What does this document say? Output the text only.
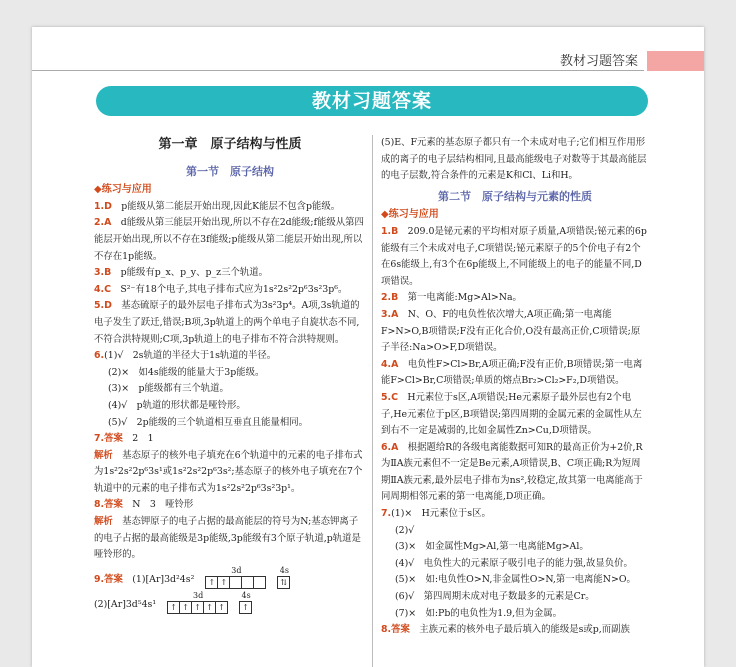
教材习题答案
教材习题答案
第一章　原子结构与性质
第一节　原子结构
◆练习与应用
1.D　 p能级从第二能层开始出现,因此K能层不包含p能级。
2.A　 d能级从第三能层开始出现,所以不存在2d能级;f能级从第四能层开始出现,所以不存在3f能级;p能级从第二能层开始出现,所以不存在1p能级。
3.B　 p能级有p_x、p_y、p_z三个轨道。
4.C　 S²⁻有18个电子,其电子排布式应为1s²2s²2p⁶3s²3p⁶。
5.D　 基态硫原子的最外层电子排布式为3s²3p⁴。A项,3s轨道的电子发生了跃迁,错误;B项,3p轨道上的两个单电子自旋状态不同,不符合洪特规则;C项,3p轨道上的电子排布不符合洪特规则。
6.(1)√　2s轨道的半径大于1s轨道的半径。
(2)×　如4s能级的能量大于3p能级。
(3)×　p能级都有三个轨道。
(4)√　p轨道的形状都是哑铃形。
(5)√　2p能级的三个轨道相互垂直且能量相同。
7.答案　 2　1
解析　 基态原子的核外电子填充在6个轨道中的元素的电子排布式为1s²2s²2p⁶3s¹或1s²2s²2p⁶3s²;基态原子的核外电子填充在7个轨道中的元素的电子排布式为1s²2s²2p⁶3s²3p¹。
8.答案　 N　3　哑铃形
解析　 基态钾原子的电子占据的最高能层的符号为N;基态钾离子的电子占据的最高能级是3p能级,3p能级有3个原子轨道,p轨道是哑铃形的。
9.答案　 (1)[Ar]3d²4s²
3d
↑ ↑
4s
⇅
(2)[Ar]3d⁵4s¹
3d
↑ ↑ ↑ ↑ ↑
4s
↑
(5)E、F元素的基态原子都只有一个未成对电子;它们相互作用形成的离子的电子层结构相同,且最高能级电子对数等于其最高能层的电子层数,符合条件的元素是K和Cl、Li和H。
第二节　原子结构与元素的性质
◆练习与应用
1.B　 209.0是铋元素的平均相对原子质量,A项错误;铋元素的6p能级有三个未成对电子,C项错误;铋元素原子的5个价电子有2个在6s能级上,有3个在6p能级上,不同能级上的电子的能量不同,D项错误。
2.B　 第一电离能:Mg>Al>Na。
3.A　 N、O、F的电负性依次增大,A项正确;第一电离能F>N>O,B项错误;F没有正化合价,O没有最高正价,C项错误;原子半径:Na>O>F,D项错误。
4.A　 电负性F>Cl>Br,A项正确;F没有正价,B项错误;第一电离能F>Cl>Br,C项错误;单质的熔点Br₂>Cl₂>F₂,D项错误。
5.C　 H元素位于s区,A项错误;He元素原子最外层也有2个电子,He元素位于p区,B项错误;第四周期的金属元素的金属性从左到右不一定是减弱的,比如金属性Zn>Cu,D项错误。
6.A　 根据题给R的各级电离能数据可知R的最高正价为+2价,R为ⅡA族元素但不一定是Be元素,A项错误,B、C项正确;R为短周期ⅡA族元素,最外层电子排布为ns²,较稳定,故其第一电离能高于同周期相邻元素的第一电离能,D项正确。
7.(1)×　H元素位于s区。
(2)√
(3)×　如金属性Mg>Al,第一电离能Mg>Al。
(4)√　电负性大的元素原子吸引电子的能力强,故显负价。
(5)×　如:电负性O>N,非金属性O>N,第一电离能N>O。
(6)√　第四周期未成对电子数最多的元素是Cr。
(7)×　如:Pb的电负性为1.9,但为金属。
8.答案　 主族元素的核外电子最后填入的能级是s或p,而副族
